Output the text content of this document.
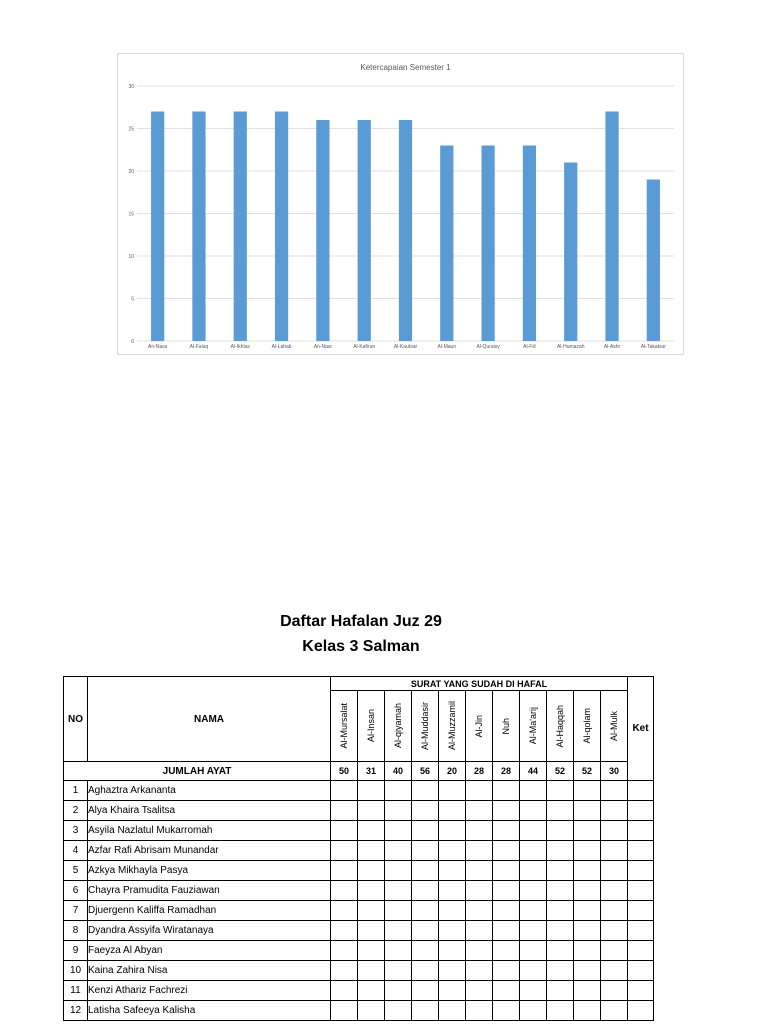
Ketercapaian Semester 1
0
5
10
15
20
25
30
An-Nass	Al-Falaq	Al-Ikhlas	Al-Lahab	An-Nasr	Al-Kafirun	Al-Kautsar	Al-Maun	Al-Quraisy	Al-Fiil	Al-Humazah	Al-Ashr	At-Takatsur
Daftar Hafalan Juz 29
Kelas 3 Salman
NO	NAMA	SURAT YANG SUDAH DI HAFAL											Ket

		Al-Mursalat	Al-Insan	Al-qiyamah	Al-Muddasir	Al-Muzzamil	Al-Jin	Nuh	Al-Ma'arij	Al-Haqqah	Al-qolam	Al-Mulk	

JUMLAH AYAT		50	31	40	56	20	28	28	44	52	52	30	
1	Aghaztra Arkananta												
2	Alya Khaira Tsalitsa												
3	Asyila Nazlatul Mukarromah												
4	Azfar Rafi Abrisam Munandar												
5	Azkya Mikhayla Pasya												
6	Chayra Pramudita Fauziawan												
7	Djuergenn Kaliffa Ramadhan												
8	Dyandra Assyifa Wiratanaya												
9	Faeyza Al Abyan												
10	Kaina Zahira Nisa												
11	Kenzi Athariz Fachrezi												
12	Latisha Safeeya Kalisha												
